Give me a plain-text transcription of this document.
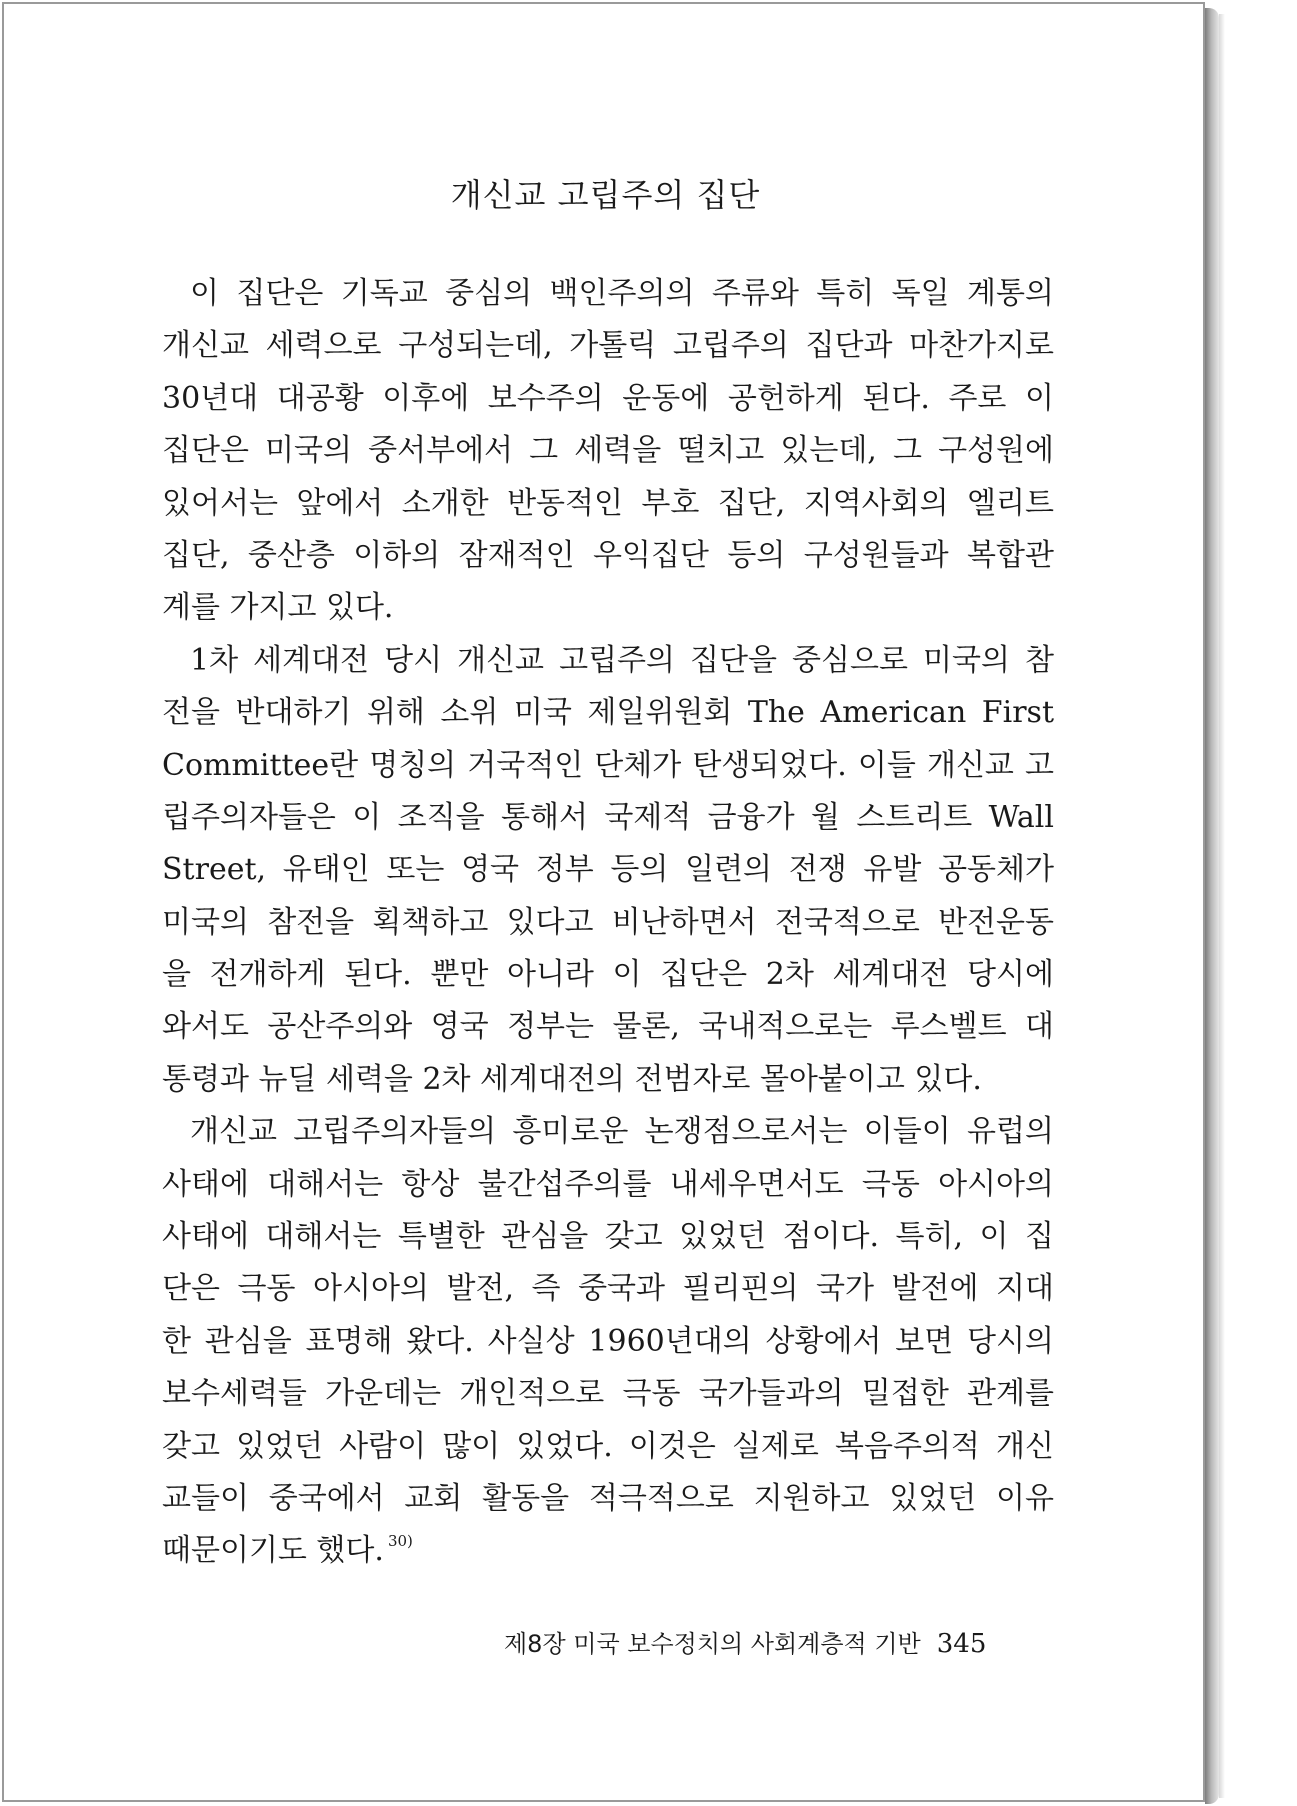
개신교 고립주의 집단
이 집단은 기독교 중심의 백인주의의 주류와 특히 독일 계통의
개신교 세력으로 구성되는데, 가톨릭 고립주의 집단과 마찬가지로
30년대 대공황 이후에 보수주의 운동에 공헌하게 된다. 주로 이
집단은 미국의 중서부에서 그 세력을 떨치고 있는데, 그 구성원에
있어서는 앞에서 소개한 반동적인 부호 집단, 지역사회의 엘리트
집단, 중산층 이하의 잠재적인 우익집단 등의 구성원들과 복합관
계를 가지고 있다.
1차 세계대전 당시 개신교 고립주의 집단을 중심으로 미국의 참
전을 반대하기 위해 소위 미국 제일위원회 The American First
Committee란 명칭의 거국적인 단체가 탄생되었다. 이들 개신교 고
립주의자들은 이 조직을 통해서 국제적 금융가 월 스트리트 Wall
Street, 유태인 또는 영국 정부 등의 일련의 전쟁 유발 공동체가
미국의 참전을 획책하고 있다고 비난하면서 전국적으로 반전운동
을 전개하게 된다. 뿐만 아니라 이 집단은 2차 세계대전 당시에
와서도 공산주의와 영국 정부는 물론, 국내적으로는 루스벨트 대
통령과 뉴딜 세력을 2차 세계대전의 전범자로 몰아붙이고 있다.
개신교 고립주의자들의 흥미로운 논쟁점으로서는 이들이 유럽의
사태에 대해서는 항상 불간섭주의를 내세우면서도 극동 아시아의
사태에 대해서는 특별한 관심을 갖고 있었던 점이다. 특히, 이 집
단은 극동 아시아의 발전, 즉 중국과 필리핀의 국가 발전에 지대
한 관심을 표명해 왔다. 사실상 1960년대의 상황에서 보면 당시의
보수세력들 가운데는 개인적으로 극동 국가들과의 밀접한 관계를
갖고 있었던 사람이 많이 있었다. 이것은 실제로 복음주의적 개신
교들이 중국에서 교회 활동을 적극적으로 지원하고 있었던 이유
때문이기도 했다. $^{30)}$
제8장 미국 보수정치의 사회계층적 기반 345
